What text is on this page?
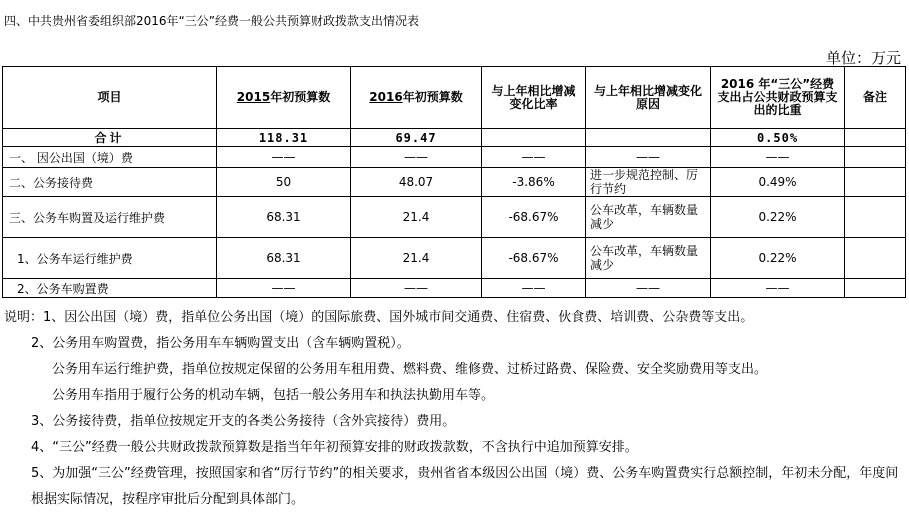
四、中共贵州省委组织部2016年“三公”经费一般公共预算财政拨款支出情况表
单位：万元
项目	2015年初预算数	2016年初预算数	与上年相比增减变化比率	与上年相比增减变化原因	2016 年“三公”经费支出占公共财政预算支出的比重	备注
合计	118.31	69.47			0.50%	
一、 因公出国（境）费	——	——	——	——	——	
二、公务接待费	50	48.07	-3.86%	进一步规范控制、厉行节约	0.49%	
三、公务车购置及运行维护费	68.31	21.4	-68.67%	公车改革，车辆数量减少	0.22%	
1、公务车运行维护费	68.31	21.4	-68.67%	公车改革，车辆数量减少	0.22%	
2、公务车购置费	——	——	——	——	——	

说明：1、因公出国（境）费，指单位公务出国（境）的国际旅费、国外城市间交通费、住宿费、伙食费、培训费、公杂费等支出。

2、公务用车购置费，指公务用车车辆购置支出（含车辆购置税）。

公务用车运行维护费，指单位按规定保留的公务用车租用费、燃料费、维修费、过桥过路费、保险费、安全奖励费用等支出。

公务用车指用于履行公务的机动车辆，包括一般公务用车和执法执勤用车等。

3、公务接待费，指单位按规定开支的各类公务接待（含外宾接待）费用。

4、“三公”经费一般公共财政拨款预算数是指当年年初预算安排的财政拨款数，不含执行中追加预算安排。

5、为加强“三公”经费管理，按照国家和省“厉行节约”的相关要求，贵州省省本级因公出国（境）费、公务车购置费实行总额控制，年初未分配，年度间根据实际情况，按程序审批后分配到具体部门。
